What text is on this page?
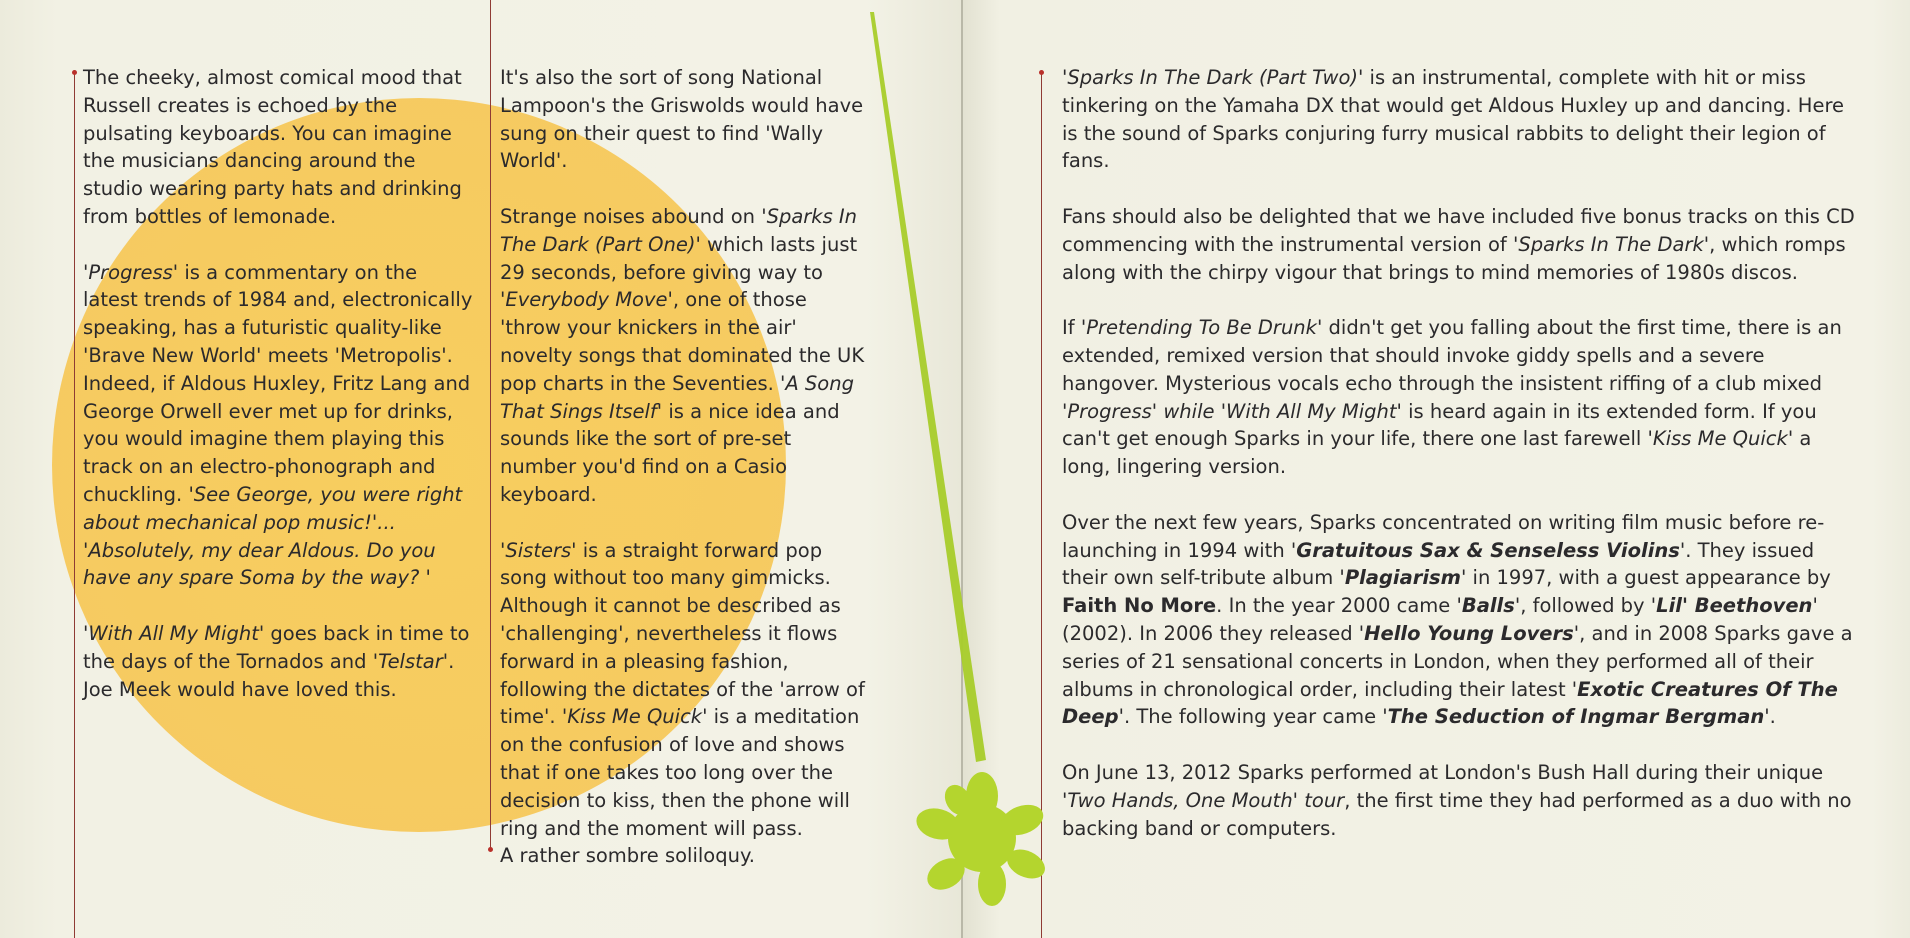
The cheeky, almost comical mood that Russell creates is echoed by the pulsating keyboards. You can imagine the musicians dancing around the studio wearing party hats and drinking from bottles of lemonade.

'Progress' is a commentary on the latest trends of 1984 and, electronically speaking, has a futuristic quality-like 'Brave New World' meets 'Metropolis'. Indeed, if Aldous Huxley, Fritz Lang and George Orwell ever met up for drinks, you would imagine them playing this track on an electro-phonograph and chuckling. 'See George, you were right about mechanical pop music!'... 'Absolutely, my dear Aldous. Do you have any spare Soma by the way? '

'With All My Might' goes back in time to the days of the Tornados and 'Telstar'. Joe Meek would have loved this.

It's also the sort of song National Lampoon's the Griswolds would have sung on their quest to find 'Wally World'.

Strange noises abound on 'Sparks In The Dark (Part One)' which lasts just 29 seconds, before giving way to 'Everybody Move', one of those 'throw your knickers in the air' novelty songs that dominated the UK pop charts in the Seventies. 'A Song That Sings Itself' is a nice idea and sounds like the sort of pre-set number you'd find on a Casio keyboard.

'Sisters' is a straight forward pop song without too many gimmicks. Although it cannot be described as 'challenging', nevertheless it flows forward in a pleasing fashion, following the dictates of the 'arrow of time'. 'Kiss Me Quick' is a meditation on the confusion of love and shows that if one takes too long over the decision to kiss, then the phone will ring and the moment will pass.
A rather sombre soliloquy.

'Sparks In The Dark (Part Two)' is an instrumental, complete with hit or miss tinkering on the Yamaha DX that would get Aldous Huxley up and dancing. Here is the sound of Sparks conjuring furry musical rabbits to delight their legion of fans.

Fans should also be delighted that we have included five bonus tracks on this CD commencing with the instrumental version of 'Sparks In The Dark', which romps along with the chirpy vigour that brings to mind memories of 1980s discos.

If 'Pretending To Be Drunk' didn't get you falling about the first time, there is an extended, remixed version that should invoke giddy spells and a severe hangover. Mysterious vocals echo through the insistent riffing of a club mixed 'Progress' while 'With All My Might' is heard again in its extended form. If you can't get enough Sparks in your life, there one last farewell 'Kiss Me Quick' a long, lingering version.

Over the next few years, Sparks concentrated on writing film music before re-launching in 1994 with 'Gratuitous Sax & Senseless Violins'. They issued their own self-tribute album 'Plagiarism' in 1997, with a guest appearance by Faith No More. In the year 2000 came 'Balls', followed by 'Lil' Beethoven' (2002). In 2006 they released 'Hello Young Lovers', and in 2008 Sparks gave a series of 21 sensational concerts in London, when they performed all of their albums in chronological order, including their latest 'Exotic Creatures Of The Deep'. The following year came 'The Seduction of Ingmar Bergman'.

On June 13, 2012 Sparks performed at London's Bush Hall during their unique 'Two Hands, One Mouth' tour, the first time they had performed as a duo with no backing band or computers.
